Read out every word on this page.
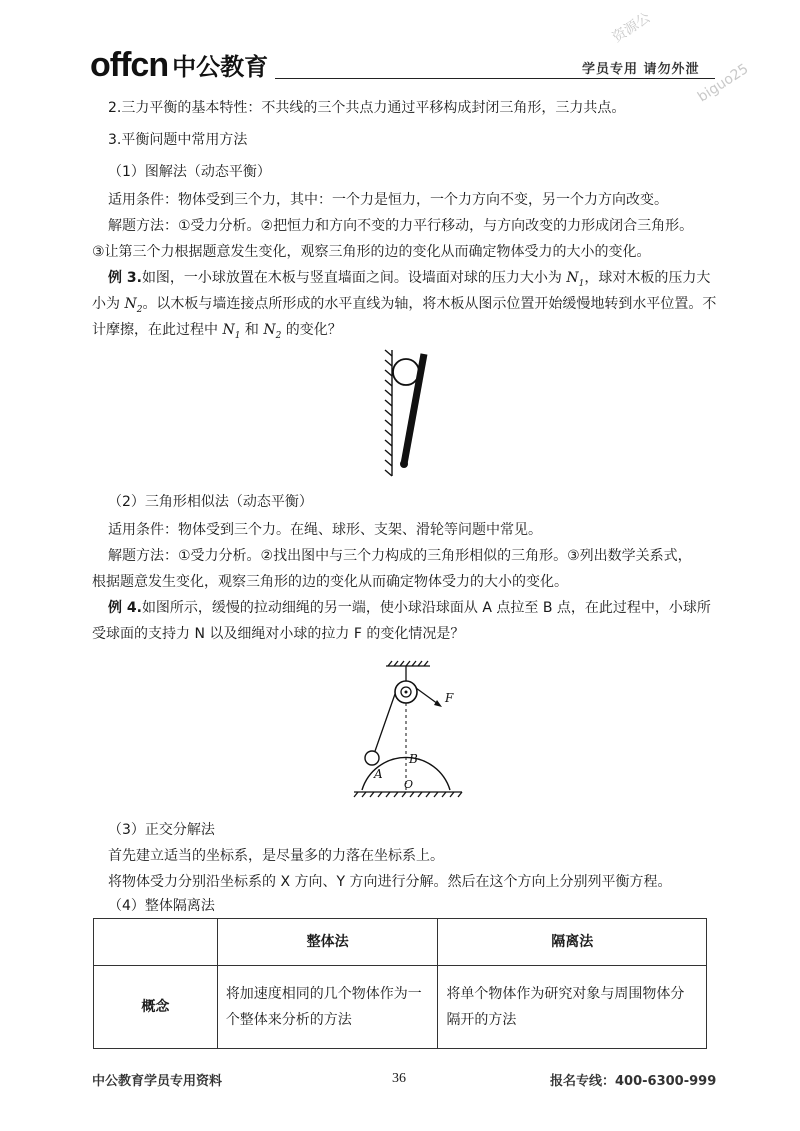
offcn 中公教育	学员专用 请勿外泄
资源公
biguo25
2.三力平衡的基本特性：不共线的三个共点力通过平移构成封闭三角形，三力共点。
3.平衡问题中常用方法
（1）图解法（动态平衡）
适用条件：物体受到三个力，其中：一个力是恒力，一个力方向不变，另一个力方向改变。
解题方法：①受力分析。②把恒力和方向不变的力平行移动，与方向改变的力形成闭合三角形。
③让第三个力根据题意发生变化，观察三角形的边的变化从而确定物体受力的大小的变化。
例 3.如图，一小球放置在木板与竖直墙面之间。设墙面对球的压力大小为 $N_1$，球对木板的压力大
小为 $N_2$。以木板与墙连接点所形成的水平直线为轴，将木板从图示位置开始缓慢地转到水平位置。不
计摩擦，在此过程中 $N_1$ 和 $N_2$ 的变化？
（2）三角形相似法（动态平衡）
适用条件：物体受到三个力。在绳、球形、支架、滑轮等问题中常见。
解题方法：①受力分析。②找出图中与三个力构成的三角形相似的三角形。③列出数学关系式，
根据题意发生变化，观察三角形的边的变化从而确定物体受力的大小的变化。
例 4.如图所示，缓慢的拉动细绳的另一端，使小球沿球面从 A 点拉至 B 点，在此过程中，小球所
受球面的支持力 N 以及细绳对小球的拉力 F 的变化情况是？
F
A
B
O
（3）正交分解法
首先建立适当的坐标系，是尽量多的力落在坐标系上。
将物体受力分别沿坐标系的 X 方向、Y 方向进行分解。然后在这个方向上分别列平衡方程。
（4）整体隔离法
	整体法	隔离法
概念	将加速度相同的几个物体作为一个整体来分析的方法	将单个物体作为研究对象与周围物体分隔开的方法
中公教育学员专用资料	36	报名专线：400-6300-999
